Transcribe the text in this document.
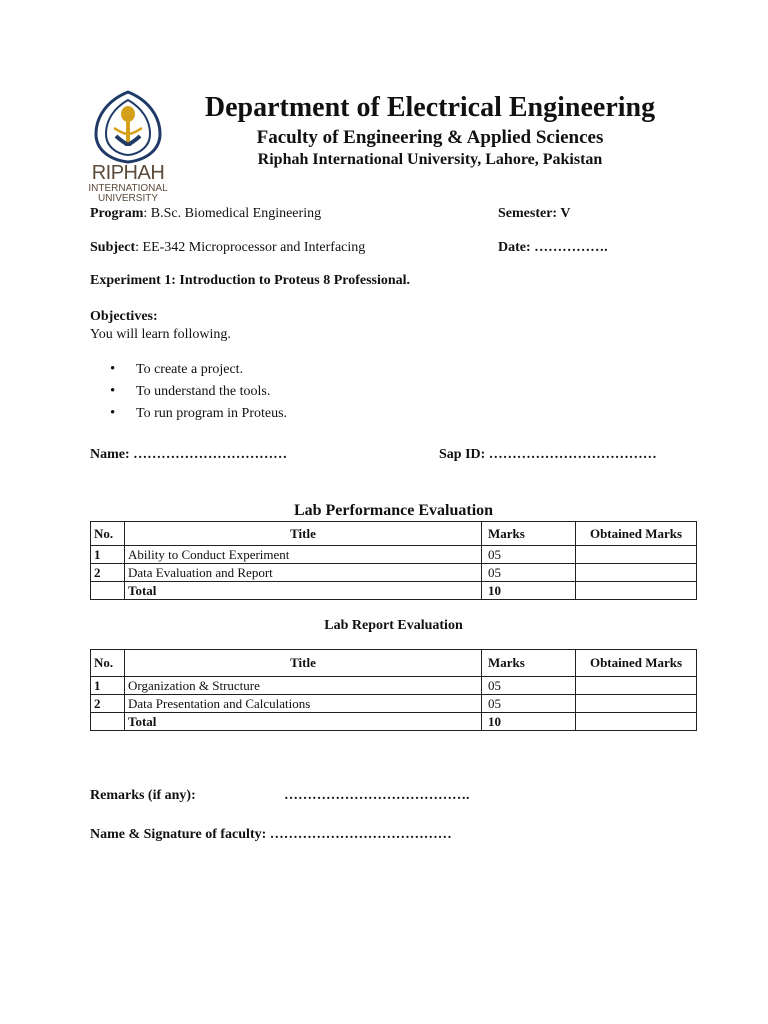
RIPHAH
INTERNATIONAL
UNIVERSITY
Department of Electrical Engineering
Faculty of Engineering & Applied Sciences
Riphah International University, Lahore, Pakistan
Program: B.Sc. Biomedical Engineering	Semester: V
Subject: EE-342 Microprocessor and Interfacing	Date: …………….
Experiment 1: Introduction to Proteus 8 Professional.
Objectives:
You will learn following.
• To create a project.
• To understand the tools.
• To run program in Proteus.
Name: ……………………………	Sap ID: ………………………………
Lab Performance Evaluation
No.	Title	Marks	Obtained Marks
1	Ability to Conduct Experiment	05	
2	Data Evaluation and Report	05	
	Total	10	
Lab Report Evaluation
No.	Title	Marks	Obtained Marks
1	Organization & Structure	05	
2	Data Presentation and Calculations	05	
	Total	10	
Remarks (if any):	………………………………….
Name & Signature of faculty: …………………………………
